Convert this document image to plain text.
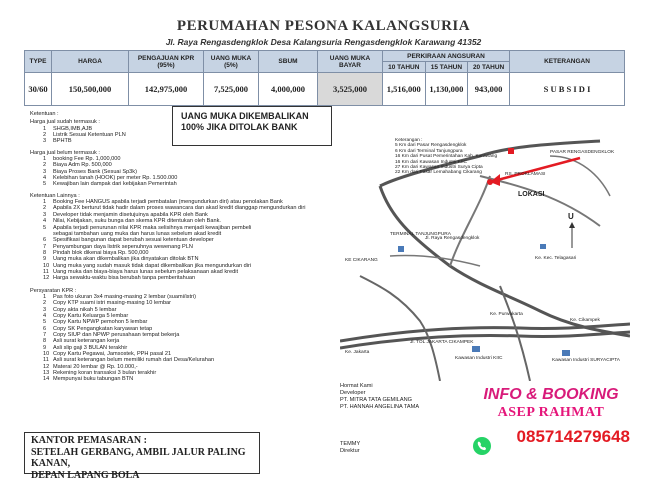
PERUMAHAN PESONA KALANGSURIA
Jl. Raya Rengasdengklok Desa Kalangsuria Rengasdengklok Karawang 41352
TYPE	HARGA	PENGAJUAN KPR (95%)	UANG MUKA (5%)	SBUM	UANG MUKA BAYAR	PERKIRAAN ANGSURAN			KETERANGAN
						10 TAHUN	15 TAHUN	20 TAHUN	
30/60	150,500,000	142,975,000	7,525,000	4,000,000	3,525,000	1,516,000	1,130,000	943,000	S U B S I D I
UANG MUKA DIKEMBALIKAN 100% JIKA DITOLAK BANK
Ketentuan :
Harga jual sudah termasuk :
1 SHGB,IMB,AJB
2 Listrik Sesuai Ketentuan PLN
3 BPHTB
Harga jual belum termasuk :
1 booking Fee Rp. 1,000,000
2 Biaya Adm Rp. 500,000
3 Biaya Proses Bank (Sesuai Sp3k)
4 Kelebihan tanah (HOOK) per meter Rp. 1.500.000
5 Kewajiban lain dampak dari kebijakan Pemerintah
Ketentuan Lainnya :
1 Booking Fee HANGUS apabila terjadi pembatalan (mengundurkan diri) atau penolakan Bank
2 Apabila 2X berturut tidak hadir dalam proses wawancara dan akad kredit dianggap mengundurkan diri
3 Developer tidak menjamin disetujuinya apabila KPR oleh Bank
4 Nilai, Kebijakan, suku bunga dan skema KPR ditentukan oleh Bank.
5 Apabila terjadi penurunan nilai KPR maka selisihnya menjadi kewajiban pembeli
sebagai tambahan uang muka dan harus lunas sebelum akad kredit
6 Spesifikasi bangunan dapat berubah sesuai ketentuan developer
7 Penyambungan daya listrik sepenuhnya wewenang PLN
8 Pindah blok dikenai biaya Rp. 500,000
9 Uang muka akan dikembalikan jika dinyatakan ditolak BTN
10 Uang muka yang sudah masuk tidak dapat dikembalikan jika mengundurkan diri
11 Uang muka dan biaya-biaya harus lunas sebelum pelaksanaan akad kredit
12 Harga sewaktu-waktu bisa berubah tanpa pemberitahuan
Persyaratan KPR :
1 Pas foto ukuran 3x4 masing-masing 2 lembar (suami/istri)
2 Copy KTP suami istri masing-masing 10 lembar
3 Copy akta nikah 5 lembar
4 Copy Kartu Keluarga 5 lembar
5 Copy Kartu NPWP pemohon 5 lembar
6 Copy SK Pengangkatan karyawan tetap
7 Copy SIUP dan NPWP perusahaan tempat bekerja
8 Asli surat keterangan kerja
9 Asli slip gaji 3 BULAN terakhir
10 Copy Kartu Pegawai, Jamsostek, PPH pasal 21
11 Asli surat keterangan belum memiliki rumah dari Desa/Kelurahan
12 Materai 20 lembar @ Rp. 10.000,-
13 Rekening koran transaksi 3 bulan terakhir
14 Mempunyai buku tabungan BTN
KANTOR PEMASARAN :
SETELAH GERBANG, AMBIL JALUR PALING KANAN,
DEPAN LAPANG BOLA
Keterangan :
5 Km dari Pasar Rengasdengklok
6 Km dari Terminal Tanjungpura
16 Km dari Pusat Pemerintahan Kab. Karawang
16 Km dari Kawasan Industri KIIC
27 Km dari Kawasan Industri Surya Cipta
22 Km dari Pasar Lemahabang Cikarang
PASAR RENGASDENGKLOK
RS. PROKLAMASI
LOKASI
U
TERMINAL TANJUNGPURA
Ke. Kec. Telagasari
Jl. Raya Rengasdengklok
KE CIKARANG
Ke. Purwakarta
Ke. Cikampek
Ke. Jakarta
Jl. TOL JAKARTA CIKAMPEK
Kawasan Industri KIIC	Kawasan Industri SURYACIPTA
Hormat Kami
Developer
PT. MITRA TATA GEMILANG
PT. HANNAH ANGELINA TAMA
TEMMY
Direktur
INFO & BOOKING
ASEP RAHMAT
085714279648
